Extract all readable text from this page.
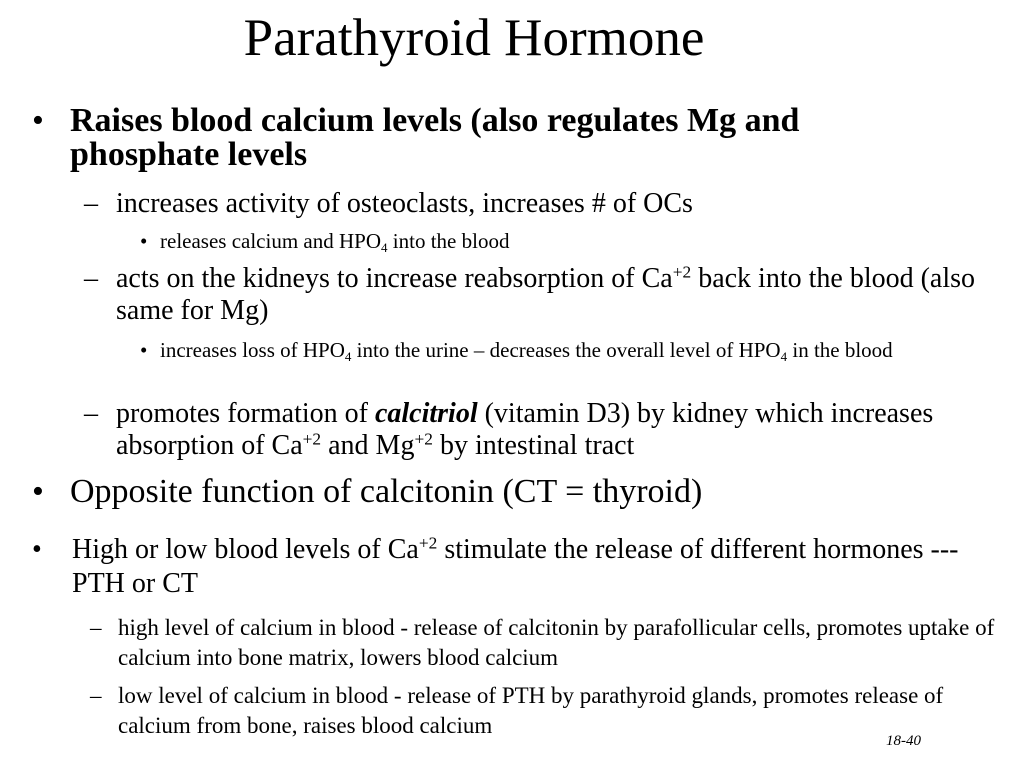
Parathyroid Hormone
• Raises blood calcium levels (also regulates Mg and phosphate levels
– increases activity of osteoclasts, increases # of OCs
• releases calcium and $HPO_4$ into the blood
– acts on the kidneys to increase reabsorption of $Ca^{+2}$ back into the blood (also same for Mg)
• increases loss of $HPO_4$ into the urine – decreases the overall level of $HPO_4$ in the blood
– promotes formation of calcitriol (vitamin D3) by kidney which increases absorption of $Ca^{+2}$ and $Mg^{+2}$ by intestinal tract
• Opposite function of calcitonin (CT = thyroid)
• High or low blood levels of $Ca^{+2}$ stimulate the release of different hormones --- PTH or CT
– high level of calcium in blood - release of calcitonin by parafollicular cells, promotes uptake of calcium into bone matrix, lowers blood calcium
– low level of calcium in blood - release of PTH by parathyroid glands, promotes release of calcium from bone, raises blood calcium
18-40
